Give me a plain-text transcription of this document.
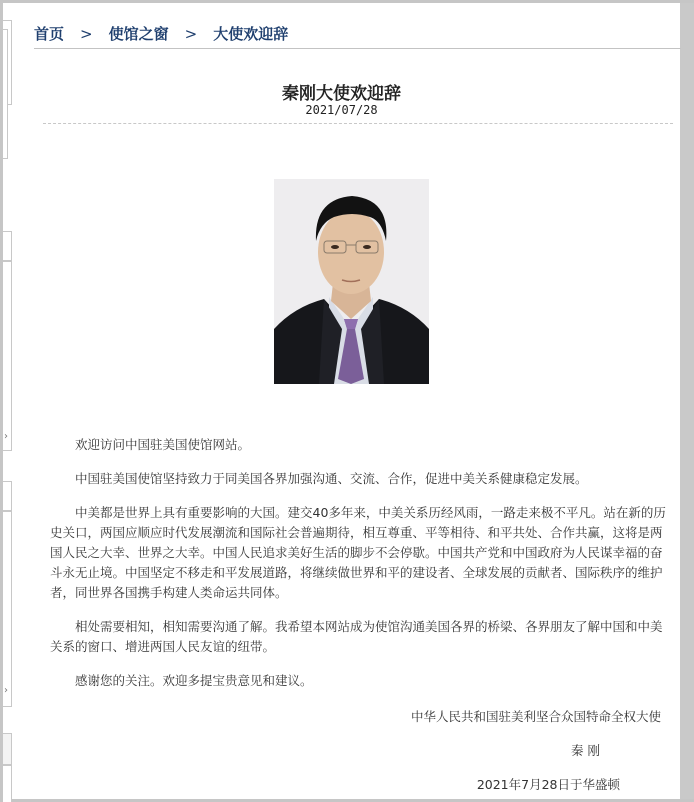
›
›
首页 > 使馆之窗 > 大使欢迎辞
秦刚大使欢迎辞
2021/07/28

欢迎访问中国驻美国使馆网站。

中国驻美国使馆坚持致力于同美国各界加强沟通、交流、合作，促进中美关系健康稳定发展。

中美都是世界上具有重要影响的大国。建交40多年来，中美关系历经风雨，一路走来极不平凡。站在新的历史关口，两国应顺应时代发展潮流和国际社会普遍期待，相互尊重、平等相待、和平共处、合作共赢，这将是两国人民之大幸、世界之大幸。中国人民追求美好生活的脚步不会停歇。中国共产党和中国政府为人民谋幸福的奋斗永无止境。中国坚定不移走和平发展道路，将继续做世界和平的建设者、全球发展的贡献者、国际秩序的维护者，同世界各国携手构建人类命运共同体。

相处需要相知，相知需要沟通了解。我希望本网站成为使馆沟通美国各界的桥梁、各界朋友了解中国和中美关系的窗口、增进两国人民友谊的纽带。

感谢您的关注。欢迎多提宝贵意见和建议。

中华人民共和国驻美利坚合众国特命全权大使
秦 刚
2021年7月28日于华盛顿
